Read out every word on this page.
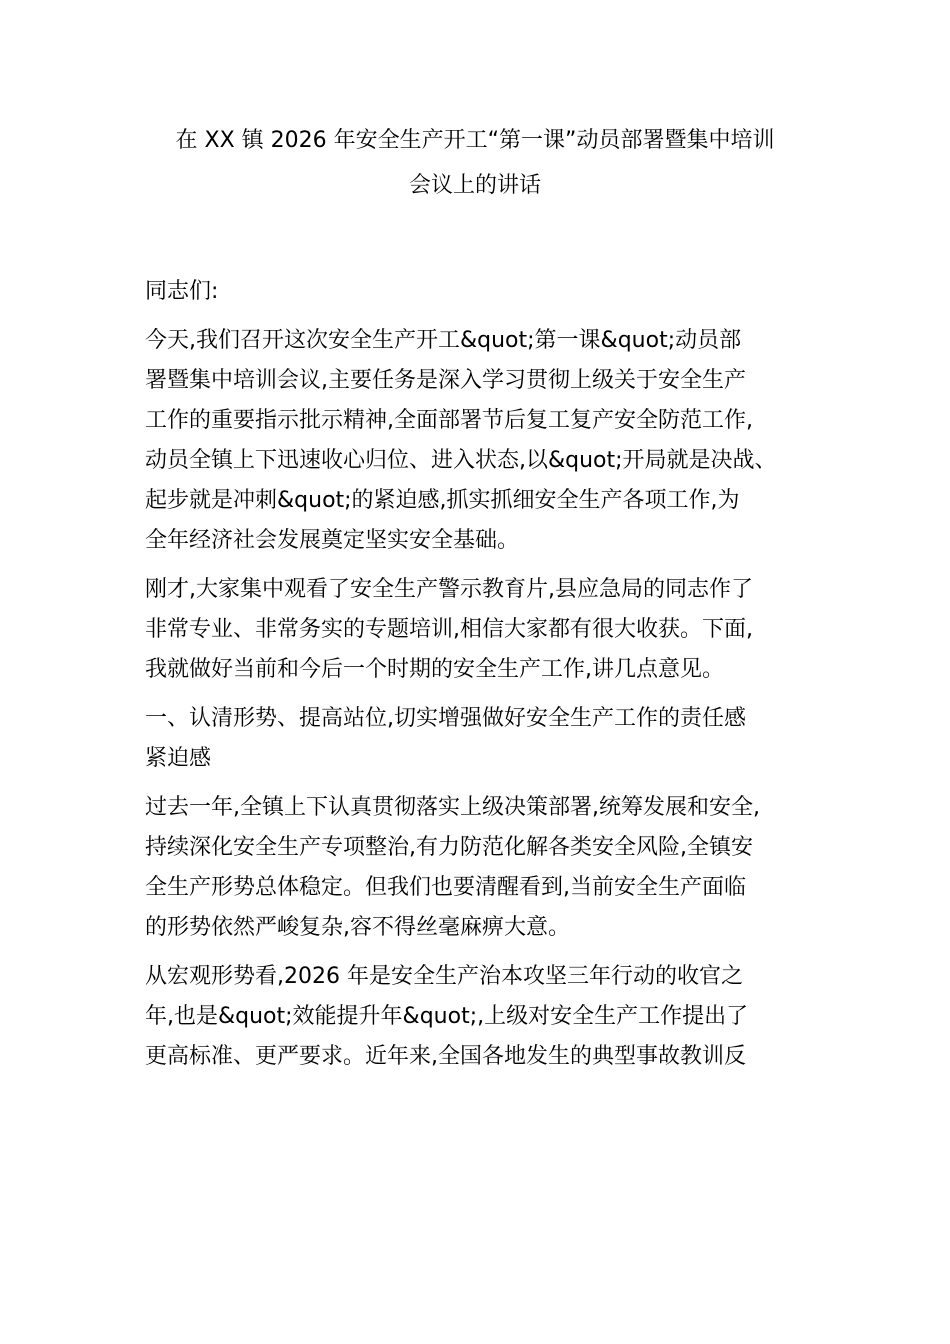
在 XX 镇 2026 年安全生产开工“第一课”动员部署暨集中培训
会议上的讲话
同志们:
今天,我们召开这次安全生产开工&quot;第一课&quot;动员部
署暨集中培训会议,主要任务是深入学习贯彻上级关于安全生产
工作的重要指示批示精神,全面部署节后复工复产安全防范工作,
动员全镇上下迅速收心归位、进入状态,以&quot;开局就是决战、
起步就是冲刺&quot;的紧迫感,抓实抓细安全生产各项工作,为
全年经济社会发展奠定坚实安全基础。
刚才,大家集中观看了安全生产警示教育片,县应急局的同志作了
非常专业、非常务实的专题培训,相信大家都有很大收获。下面,
我就做好当前和今后一个时期的安全生产工作,讲几点意见。
一、认清形势、提高站位,切实增强做好安全生产工作的责任感
紧迫感
过去一年,全镇上下认真贯彻落实上级决策部署,统筹发展和安全,
持续深化安全生产专项整治,有力防范化解各类安全风险,全镇安
全生产形势总体稳定。但我们也要清醒看到,当前安全生产面临
的形势依然严峻复杂,容不得丝毫麻痹大意。
从宏观形势看,2026 年是安全生产治本攻坚三年行动的收官之
年,也是&quot;效能提升年&quot;,上级对安全生产工作提出了
更高标准、更严要求。近年来,全国各地发生的典型事故教训反
